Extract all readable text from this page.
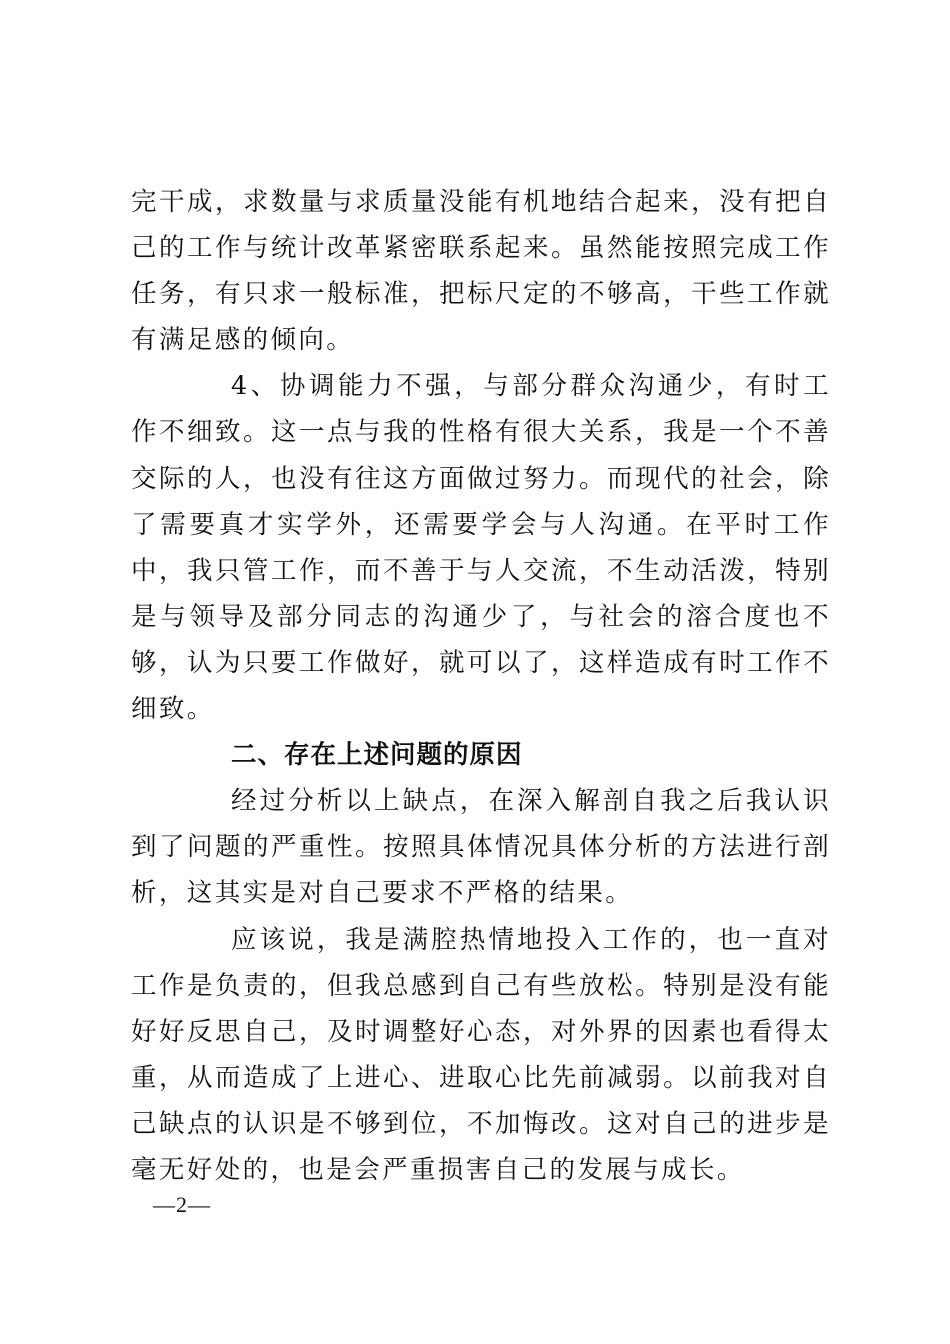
完干成，求数量与求质量没能有机地结合起来，没有把自己的工作与统计改革紧密联系起来。虽然能按照完成工作任务，有只求一般标准，把标尺定的不够高，干些工作就有满足感的倾向。

4、协调能力不强，与部分群众沟通少，有时工作不细致。这一点与我的性格有很大关系，我是一个不善交际的人，也没有往这方面做过努力。而现代的社会，除了需要真才实学外，还需要学会与人沟通。在平时工作中，我只管工作，而不善于与人交流，不生动活泼，特别是与领导及部分同志的沟通少了，与社会的溶合度也不够，认为只要工作做好，就可以了，这样造成有时工作不细致。

二、存在上述问题的原因

经过分析以上缺点，在深入解剖自我之后我认识到了问题的严重性。按照具体情况具体分析的方法进行剖析，这其实是对自己要求不严格的结果。

应该说，我是满腔热情地投入工作的，也一直对工作是负责的，但我总感到自己有些放松。特别是没有能好好反思自己，及时调整好心态，对外界的因素也看得太重，从而造成了上进心、进取心比先前减弱。以前我对自己缺点的认识是不够到位，不加悔改。这对自己的进步是毫无好处的，也是会严重损害自己的发展与成长。

—2—
